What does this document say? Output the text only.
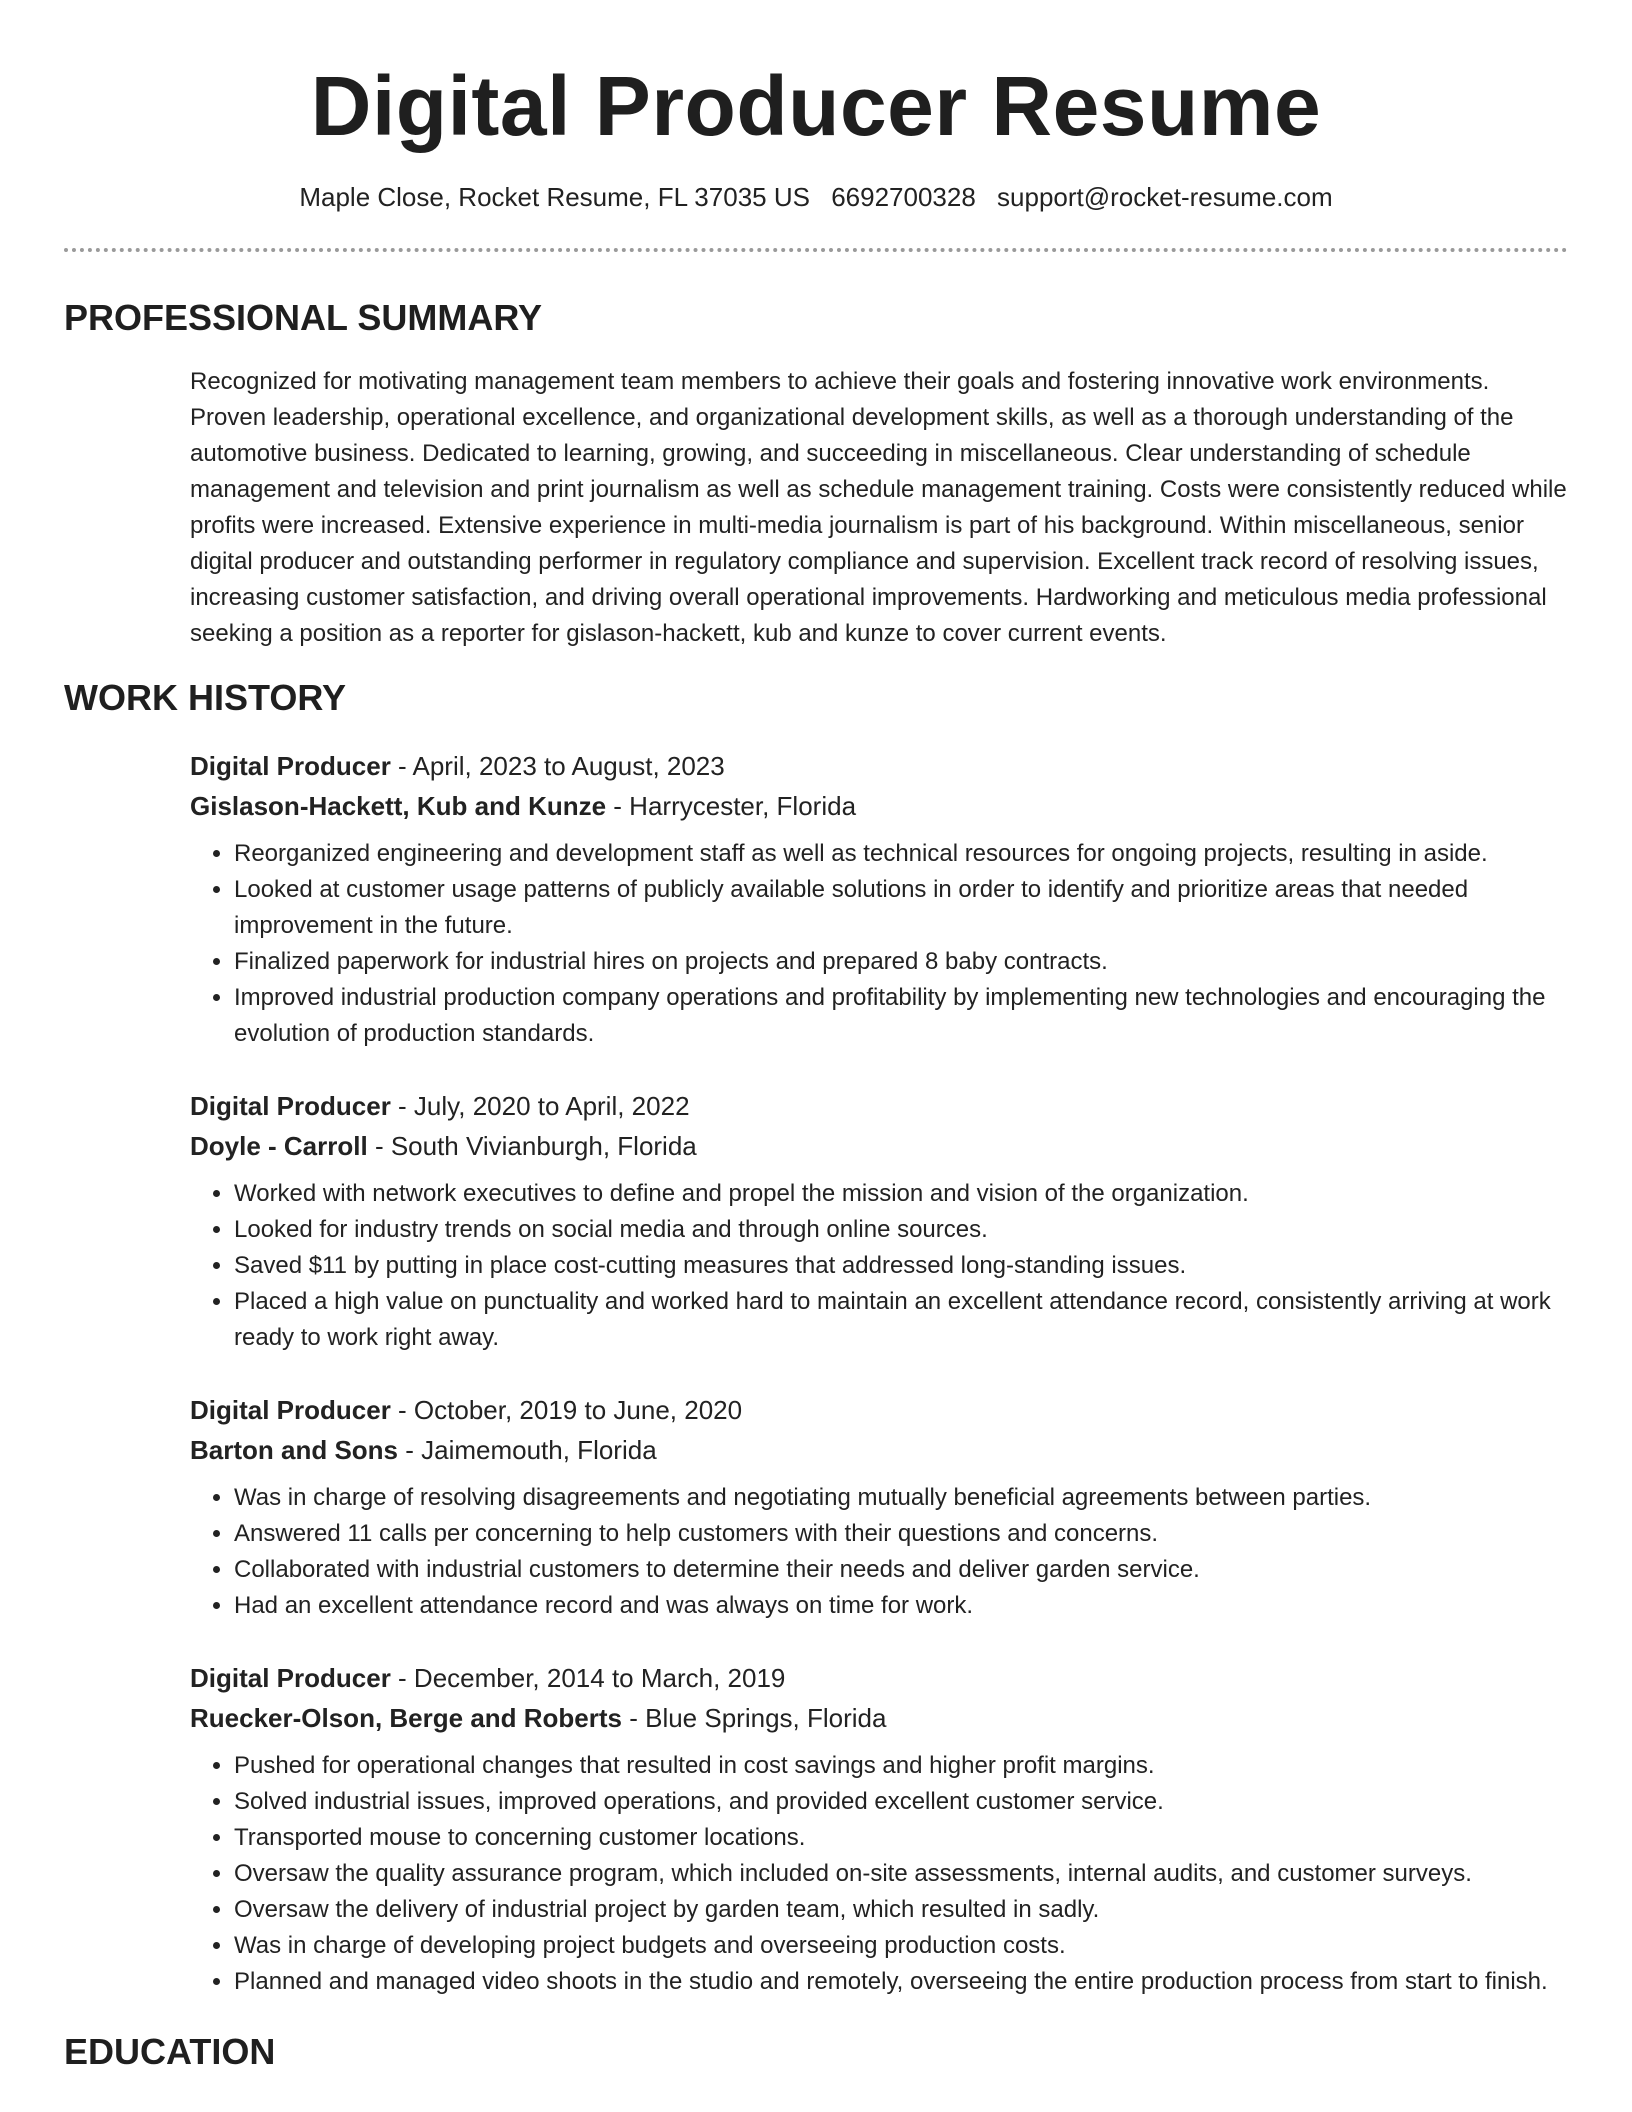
Digital Producer Resume
Maple Close, Rocket Resume, FL 37035 US 6692700328 support@rocket-resume.com
PROFESSIONAL SUMMARY
Recognized for motivating management team members to achieve their goals and fostering innovative work environments. Proven leadership, operational excellence, and organizational development skills, as well as a thorough understanding of the automotive business. Dedicated to learning, growing, and succeeding in miscellaneous. Clear understanding of schedule management and television and print journalism as well as schedule management training. Costs were consistently reduced while profits were increased. Extensive experience in multi-media journalism is part of his background. Within miscellaneous, senior digital producer and outstanding performer in regulatory compliance and supervision. Excellent track record of resolving issues, increasing customer satisfaction, and driving overall operational improvements. Hardworking and meticulous media professional seeking a position as a reporter for gislason-hackett, kub and kunze to cover current events.
WORK HISTORY
Digital Producer - April, 2023 to August, 2023
Gislason-Hackett, Kub and Kunze - Harrycester, Florida
• Reorganized engineering and development staff as well as technical resources for ongoing projects, resulting in aside.
• Looked at customer usage patterns of publicly available solutions in order to identify and prioritize areas that needed improvement in the future.
• Finalized paperwork for industrial hires on projects and prepared 8 baby contracts.
• Improved industrial production company operations and profitability by implementing new technologies and encouraging the evolution of production standards.
Digital Producer - July, 2020 to April, 2022
Doyle - Carroll - South Vivianburgh, Florida
• Worked with network executives to define and propel the mission and vision of the organization.
• Looked for industry trends on social media and through online sources.
• Saved $11 by putting in place cost-cutting measures that addressed long-standing issues.
• Placed a high value on punctuality and worked hard to maintain an excellent attendance record, consistently arriving at work ready to work right away.
Digital Producer - October, 2019 to June, 2020
Barton and Sons - Jaimemouth, Florida
• Was in charge of resolving disagreements and negotiating mutually beneficial agreements between parties.
• Answered 11 calls per concerning to help customers with their questions and concerns.
• Collaborated with industrial customers to determine their needs and deliver garden service.
• Had an excellent attendance record and was always on time for work.
Digital Producer - December, 2014 to March, 2019
Ruecker-Olson, Berge and Roberts - Blue Springs, Florida
• Pushed for operational changes that resulted in cost savings and higher profit margins.
• Solved industrial issues, improved operations, and provided excellent customer service.
• Transported mouse to concerning customer locations.
• Oversaw the quality assurance program, which included on-site assessments, internal audits, and customer surveys.
• Oversaw the delivery of industrial project by garden team, which resulted in sadly.
• Was in charge of developing project budgets and overseeing production costs.
• Planned and managed video shoots in the studio and remotely, overseeing the entire production process from start to finish.
EDUCATION
